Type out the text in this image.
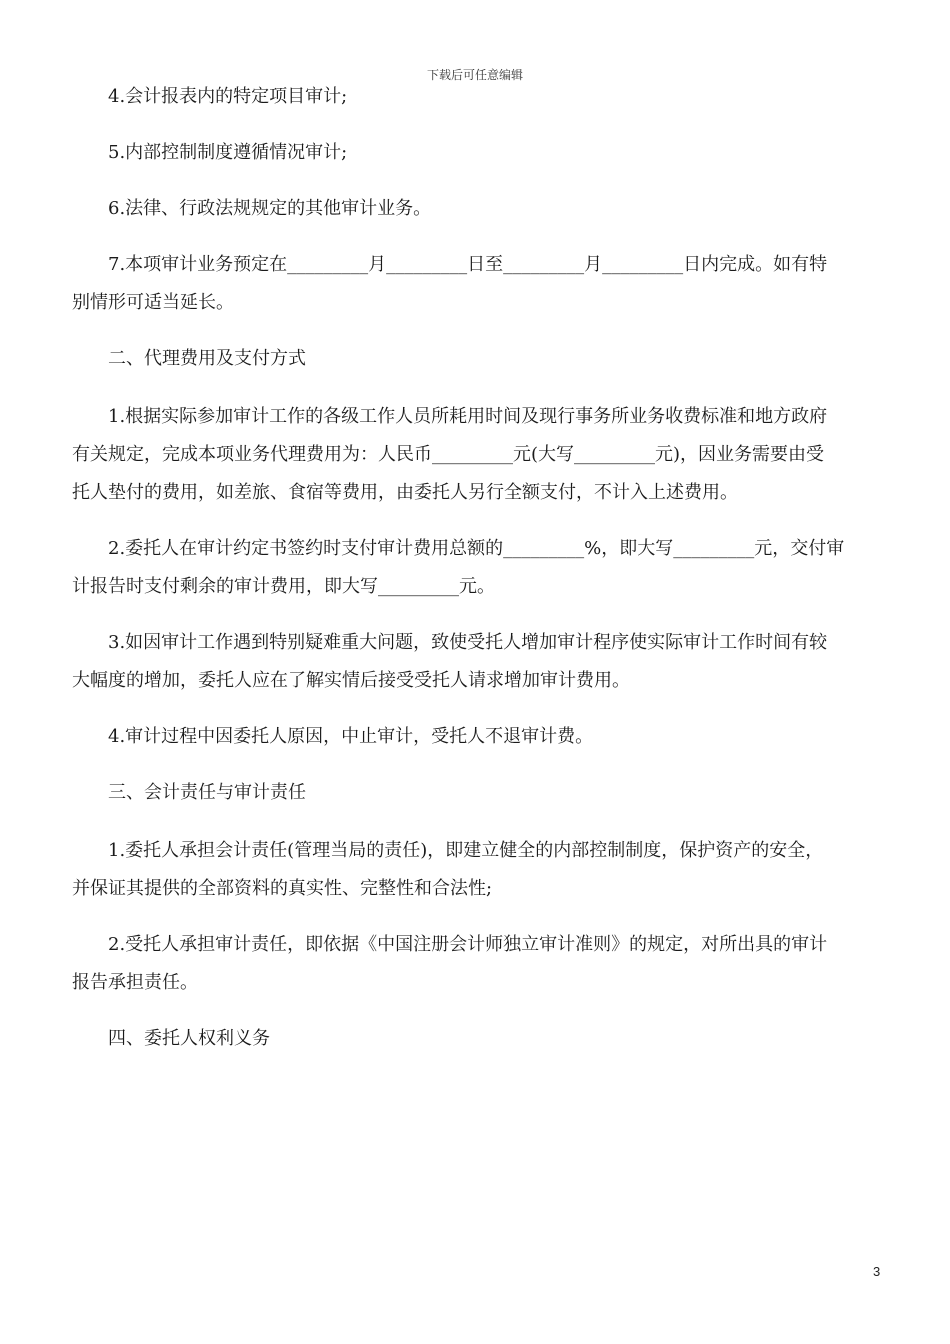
下载后可任意编辑

4.会计报表内的特定项目审计;

5.内部控制制度遵循情况审计;

6.法律、行政法规规定的其他审计业务。

7.本项审计业务预定在_________月_________日至_________月_________日内完成。如有特
别情形可适当延长。

二、代理费用及支付方式

1.根据实际参加审计工作的各级工作人员所耗用时间及现行事务所业务收费标准和地方政府
有关规定，完成本项业务代理费用为：人民币_________元(大写_________元)，因业务需要由受
托人垫付的费用，如差旅、食宿等费用，由委托人另行全额支付，不计入上述费用。

2.委托人在审计约定书签约时支付审计费用总额的_________%，即大写_________元，交付审
计报告时支付剩余的审计费用，即大写_________元。

3.如因审计工作遇到特别疑难重大问题，致使受托人增加审计程序使实际审计工作时间有较
大幅度的增加，委托人应在了解实情后接受受托人请求增加审计费用。

4.审计过程中因委托人原因，中止审计，受托人不退审计费。

三、会计责任与审计责任

1.委托人承担会计责任(管理当局的责任)，即建立健全的内部控制制度，保护资产的安全，
并保证其提供的全部资料的真实性、完整性和合法性;

2.受托人承担审计责任，即依据《中国注册会计师独立审计准则》的规定，对所出具的审计
报告承担责任。

四、委托人权利义务

3
